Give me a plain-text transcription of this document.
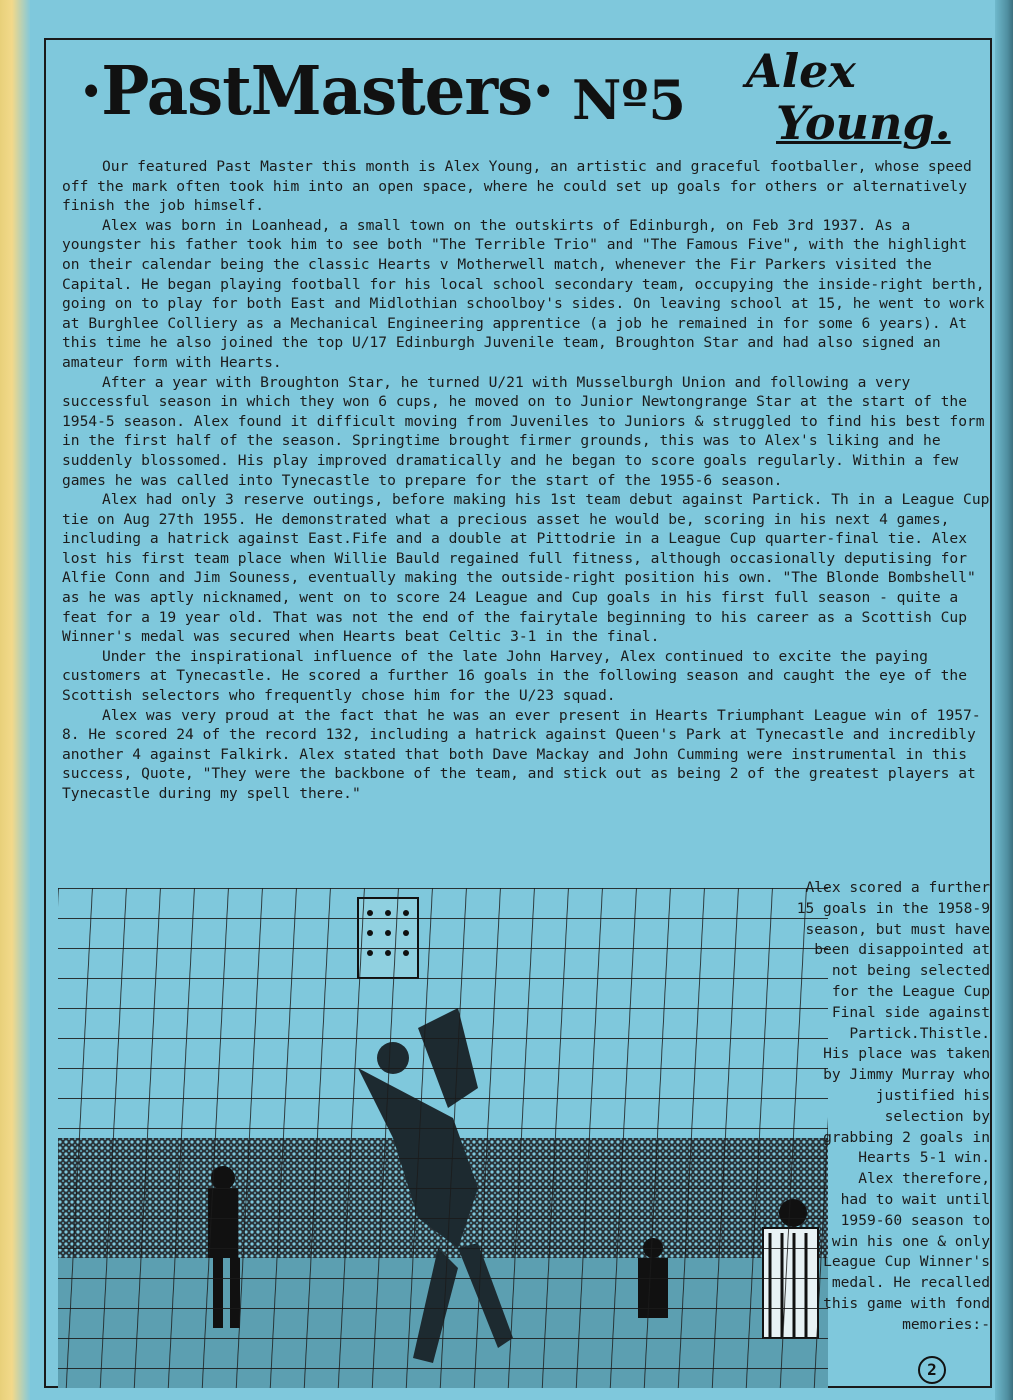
·PastMasters· Nº5 Alex
Young.

Our featured Past Master this month is Alex Young, an artistic and graceful footballer, whose speed off the mark often took him into an open space, where he could set up goals for others or alternatively finish the job himself.

Alex was born in Loanhead, a small town on the outskirts of Edinburgh, on Feb 3rd 1937. As a youngster his father took him to see both "The Terrible Trio" and "The Famous Five", with the highlight on their calendar being the classic Hearts v Motherwell match, whenever the Fir Parkers visited the Capital. He began playing football for his local school secondary team, occupying the inside-right berth, going on to play for both East and Midlothian schoolboy's sides. On leaving school at 15, he went to work at Burghlee Colliery as a Mechanical Engineering apprentice (a job he remained in for some 6 years). At this time he also joined the top U/17 Edinburgh Juvenile team, Broughton Star and had also signed an amateur form with Hearts.

After a year with Broughton Star, he turned U/21 with Musselburgh Union and following a very successful season in which they won 6 cups, he moved on to Junior Newtongrange Star at the start of the 1954-5 season. Alex found it difficult moving from Juveniles to Juniors & struggled to find his best form in the first half of the season. Springtime brought firmer grounds, this was to Alex's liking and he suddenly blossomed. His play improved dramatically and he began to score goals regularly. Within a few games he was called into Tynecastle to prepare for the start of the 1955-6 season.

Alex had only 3 reserve outings, before making his 1st team debut against Partick. Th in a League Cup tie on Aug 27th 1955. He demonstrated what a precious asset he would be, scoring in his next 4 games, including a hatrick against East.Fife and a double at Pittodrie in a League Cup quarter-final tie. Alex lost his first team place when Willie Bauld regained full fitness, although occasionally deputising for Alfie Conn and Jim Souness, eventually making the outside-right position his own. "The Blonde Bombshell" as he was aptly nicknamed, went on to score 24 League and Cup goals in his first full season - quite a feat for a 19 year old. That was not the end of the fairytale beginning to his career as a Scottish Cup Winner's medal was secured when Hearts beat Celtic 3-1 in the final.

Under the inspirational influence of the late John Harvey, Alex continued to excite the paying customers at Tynecastle. He scored a further 16 goals in the following season and caught the eye of the Scottish selectors who frequently chose him for the U/23 squad.

Alex was very proud at the fact that he was an ever present in Hearts Triumphant League win of 1957-8. He scored 24 of the record 132, including a hatrick against Queen's Park at Tynecastle and incredibly another 4 against Falkirk. Alex stated that both Dave Mackay and John Cumming were instrumental in this success, Quote, "They were the backbone of the team, and stick out as being 2 of the greatest players at Tynecastle during my spell there."

Alex scored a further
15 goals in the 1958-9
season, but must have
been disappointed at
not being selected
for the League Cup
Final side against
Partick.Thistle.
His place was taken
by Jimmy Murray who
justified his
selection by
grabbing 2 goals in
Hearts 5-1 win.
Alex therefore,
had to wait until
1959-60 season to
win his one & only
League Cup Winner's
medal. He recalled
this game with fond
memories:-
2
